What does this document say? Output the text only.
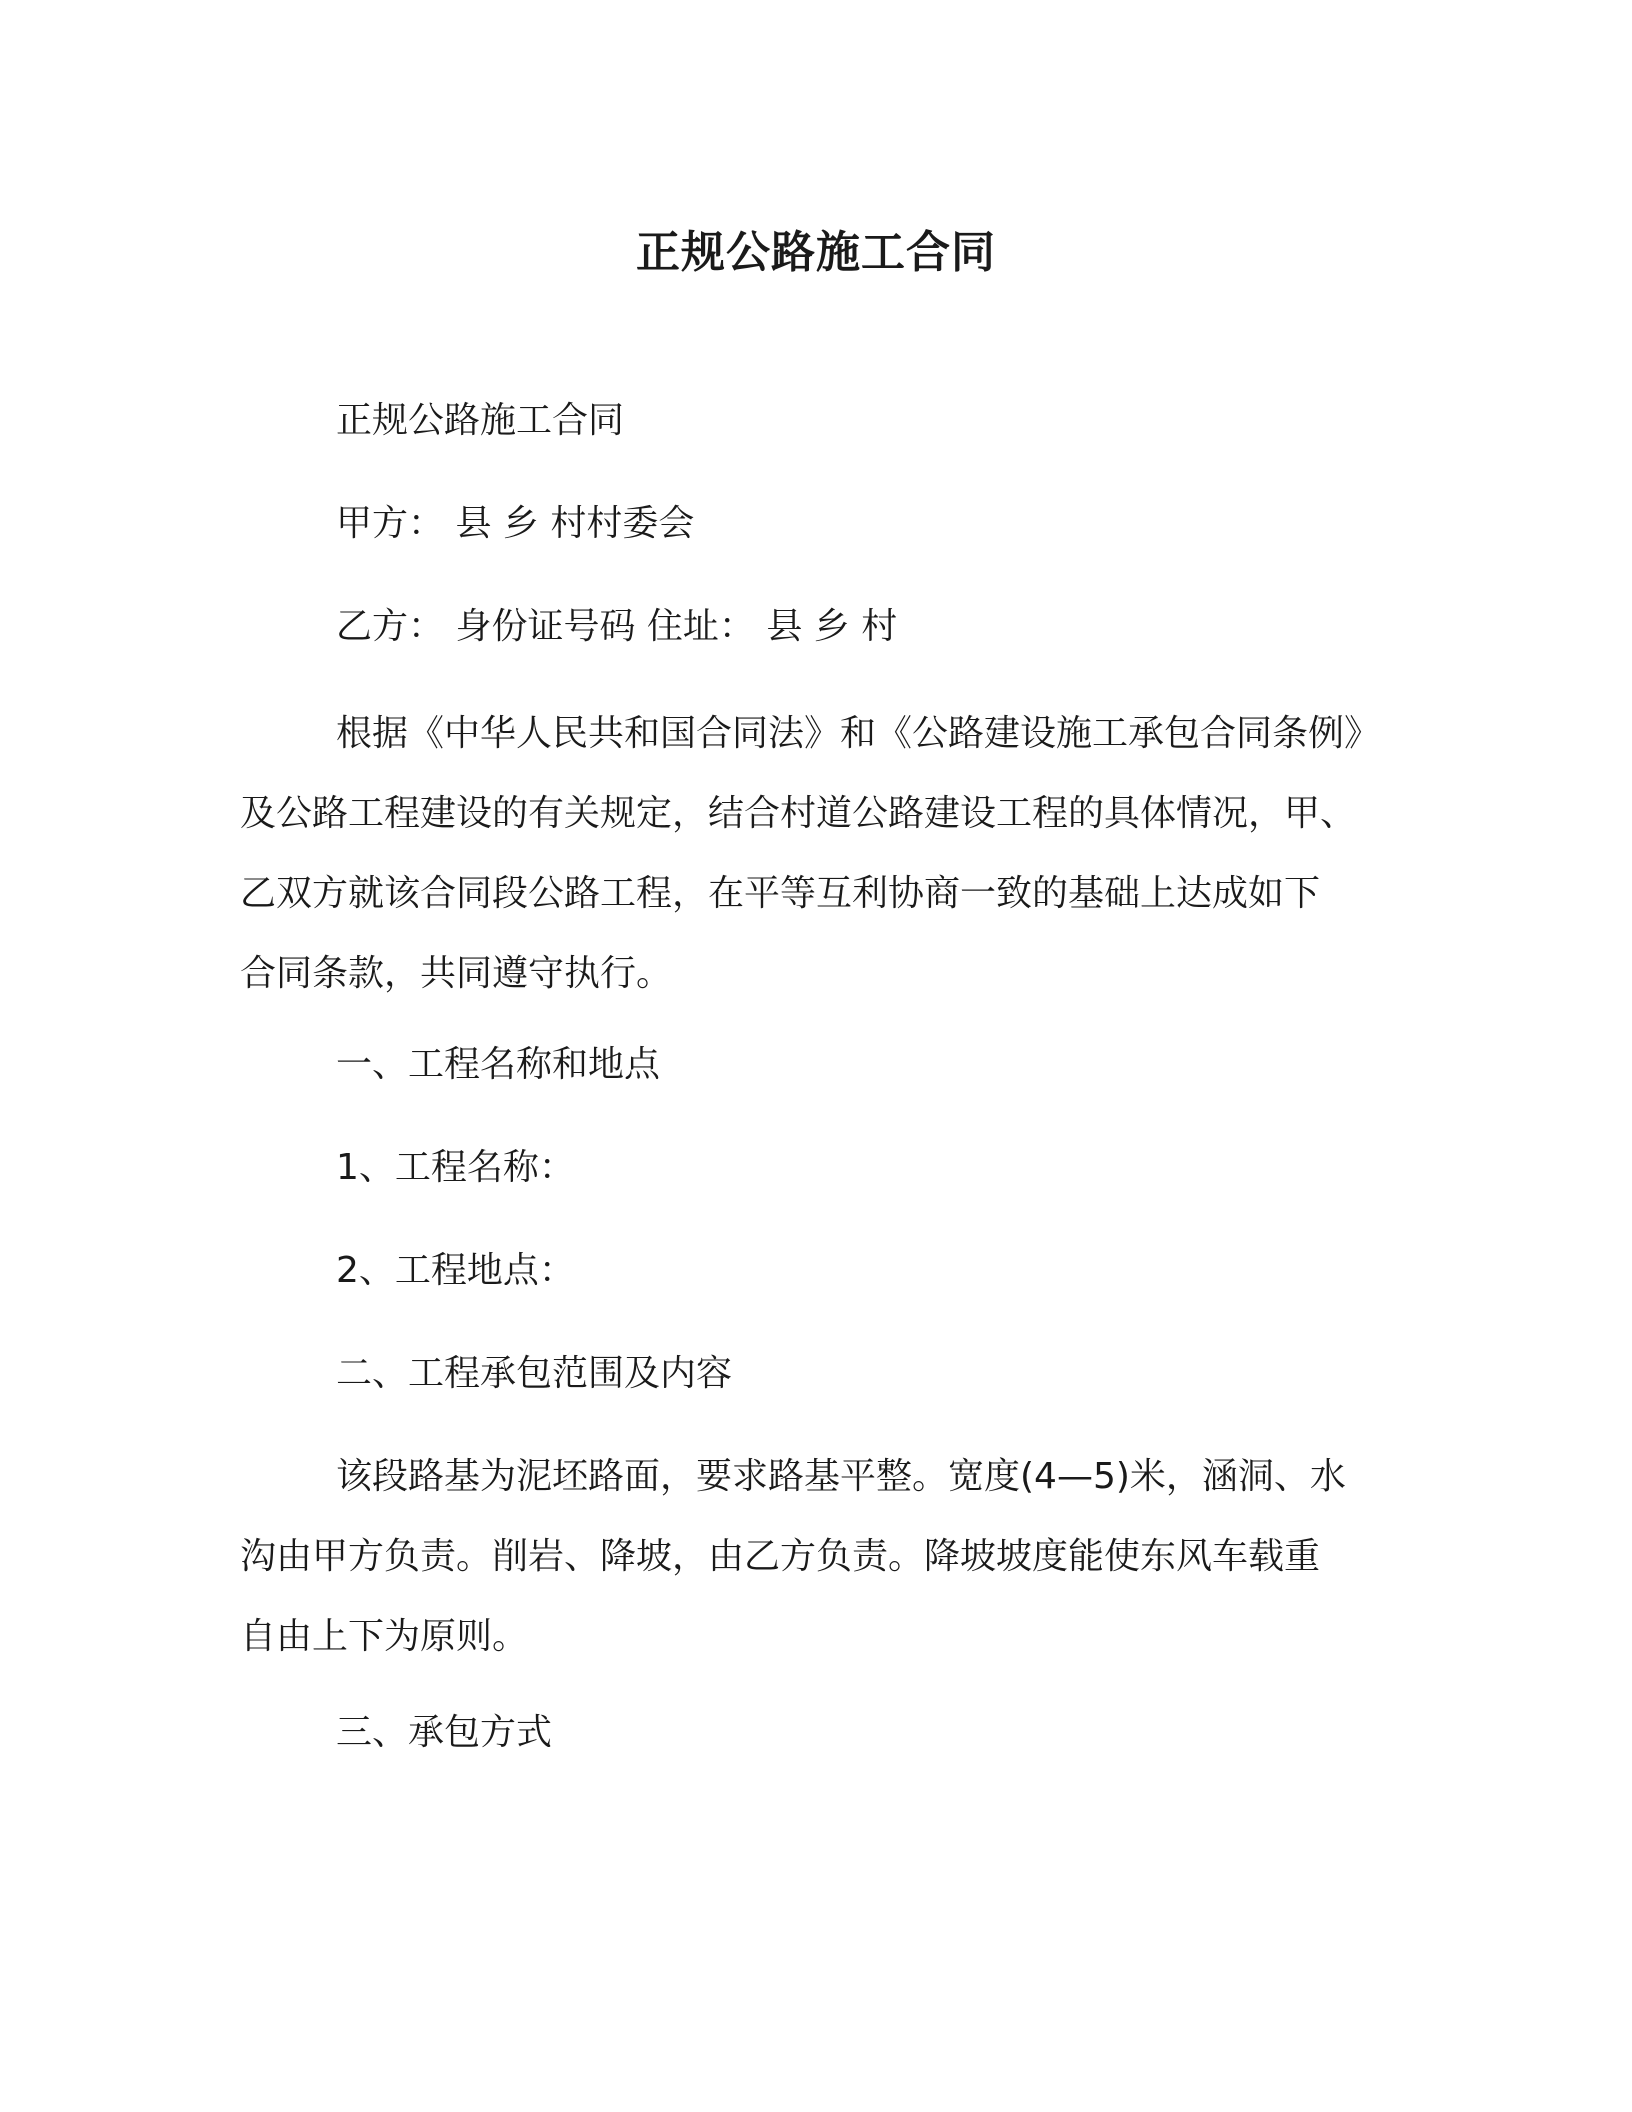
正规公路施工合同

正规公路施工合同

甲方： 县 乡 村村委会

乙方： 身份证号码 住址： 县 乡 村

根据《中华人民共和国合同法》和《公路建设施工承包合同条例》
及公路工程建设的有关规定，结合村道公路建设工程的具体情况，甲、
乙双方就该合同段公路工程，在平等互利协商一致的基础上达成如下
合同条款，共同遵守执行。

一、工程名称和地点

1、工程名称：

2、工程地点：

二、工程承包范围及内容

该段路基为泥坯路面，要求路基平整。宽度(4—5)米，涵洞、水
沟由甲方负责。削岩、降坡，由乙方负责。降坡坡度能使东风车载重
自由上下为原则。

三、承包方式
